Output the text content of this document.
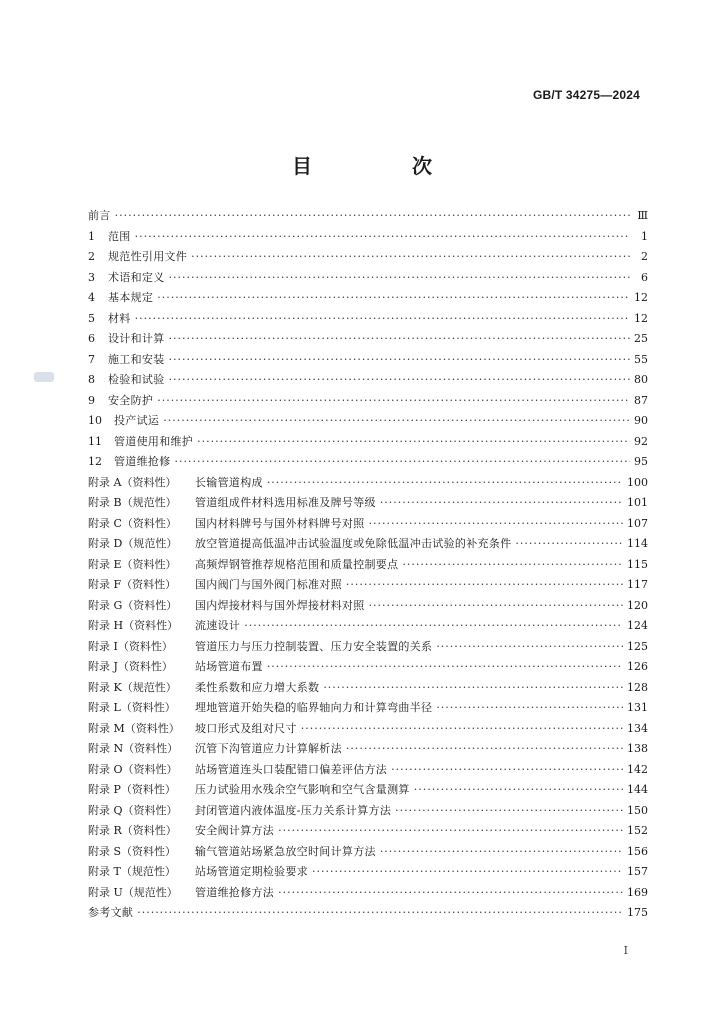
GB/T 34275—2024
目　次
前言 ·····	Ⅲ
1	范围 ·····	1
2	规范性引用文件 ·····	2
3	术语和定义 ·····	6
4	基本规定 ·····	12
5	材料 ·····	12
6	设计和计算 ·····	25
7	施工和安装 ·····	55
8	检验和试验 ·····	80
9	安全防护 ·····	87
10	投产试运 ·····	90
11	管道使用和维护 ·····	92
12	管道维抢修 ·····	95
附录 A（资料性）	长输管道构成 ·····	100
附录 B（规范性）	管道组成件材料选用标准及牌号等级 ·····	101
附录 C（资料性）	国内材料牌号与国外材料牌号对照 ·····	107
附录 D（规范性）	放空管道提高低温冲击试验温度或免除低温冲击试验的补充条件 ·····	114
附录 E（资料性）	高频焊钢管推荐规格范围和质量控制要点 ·····	115
附录 F（资料性）	国内阀门与国外阀门标准对照 ·····	117
附录 G（资料性）	国内焊接材料与国外焊接材料对照 ·····	120
附录 H（资料性）	流速设计 ·····	124
附录 I（资料性）	管道压力与压力控制装置、压力安全装置的关系 ·····	125
附录 J（资料性）	站场管道布置 ·····	126
附录 K（规范性）	柔性系数和应力增大系数 ·····	128
附录 L（资料性）	埋地管道开始失稳的临界轴向力和计算弯曲半径 ·····	131
附录 M（资料性）	坡口形式及组对尺寸 ·····	134
附录 N（资料性）	沉管下沟管道应力计算解析法 ·····	138
附录 O（资料性）	站场管道连头口装配错口偏差评估方法 ·····	142
附录 P（资料性）	压力试验用水残余空气影响和空气含量测算 ·····	144
附录 Q（资料性）	封闭管道内液体温度-压力关系计算方法 ·····	150
附录 R（资料性）	安全阀计算方法 ·····	152
附录 S（资料性）	输气管道站场紧急放空时间计算方法 ·····	156
附录 T（规范性）	站场管道定期检验要求 ·····	157
附录 U（规范性）	管道维抢修方法 ·····	169
参考文献 ·····	175
I
